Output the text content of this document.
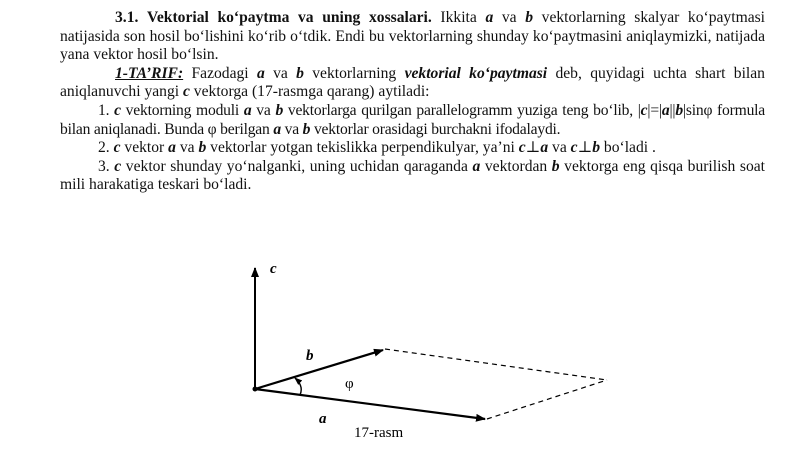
3.1. Vektorial ko‘paytma va uning xossalari. Ikkita a va b vektorlarning skalyar ko‘paytmasi natijasida son hosil bo‘lishini ko‘rib o‘tdik. Endi bu vektorlarning shunday ko‘paytmasini aniqlaymizki, natijada yana vektor hosil bo‘lsin.

1-TA’RIF: Fazodagi a va b vektorlarning vektorial ko‘paytmasi deb, quyidagi uchta shart bilan aniqlanuvchi yangi c vektorga (17-rasmga qarang) aytiladi:

1. c vektorning moduli a va b vektorlarga qurilgan parallelogramm yuziga teng bo‘lib, |c|=|a||b|sinφ formula bilan aniqlanadi. Bunda φ berilgan a va b vektorlar orasidagi burchakni ifodalaydi.

2. c vektor a va b vektorlar yotgan tekislikka perpendikulyar, ya’ni c⊥a va c⊥b bo‘ladi .

3. c vektor shunday yo‘nalganki, uning uchidan qaraganda a vektordan b vektorga eng qisqa burilish soat mili harakatiga teskari bo‘ladi.

c
b
a
φ
17-rasm
